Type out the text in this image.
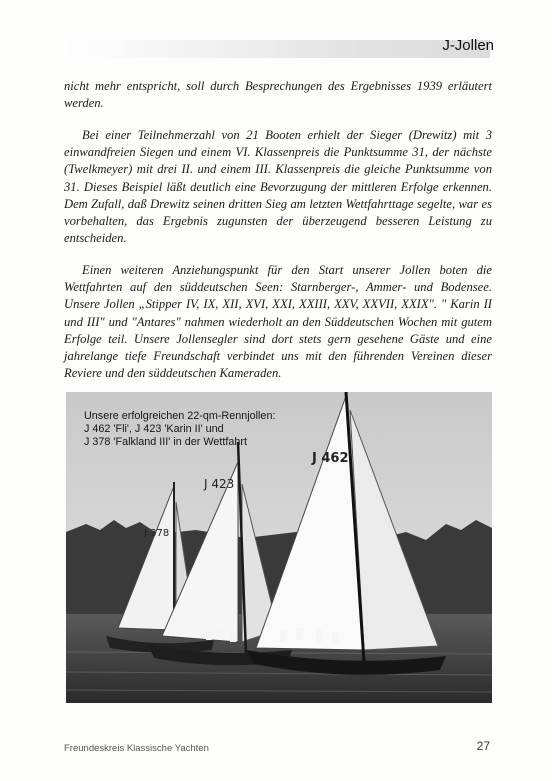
J-Jollen

nicht mehr entspricht, soll durch Besprechungen des Ergebnisses 1939 erläutert werden.

Bei einer Teilnehmerzahl von 21 Booten erhielt der Sieger (Drewitz) mit 3 einwandfreien Siegen und einem VI. Klassenpreis die Punktsumme 31, der nächste (Twelkmeyer) mit drei II. und einem III. Klassenpreis die gleiche Punktsumme von 31. Dieses Beispiel läßt deutlich eine Bevorzugung der mittleren Erfolge erkennen. Dem Zufall, daß Drewitz seinen dritten Sieg am letzten Wettfahrttage segelte, war es vorbehalten, das Ergebnis zugunsten der überzeugend besseren Leistung zu entscheiden.

Einen weiteren Anziehungspunkt für den Start unserer Jollen boten die Wettfahrten auf den süddeutschen Seen: Starnberger-, Ammer- und Bodensee. Unsere Jollen „Stipper IV, IX, XII, XVI, XXI, XXIII, XXV, XXVII, XXIX". " Karin II und III" und "Antares" nahmen wiederholt an den Süddeutschen Wochen mit gutem Erfolge teil. Unsere Jollensegler sind dort stets gern gesehene Gäste und eine jahrelange tiefe Freundschaft verbindet uns mit den führenden Vereinen dieser Reviere und den süddeutschen Kameraden.

J 378
J 423
J 462
Unsere erfolgreichen 22-qm-Rennjollen:
J 462 'Fli', J 423 'Karin II' und
J 378 'Falkland III' in der Wettfahrt
Freundeskreis Klassische Yachten	27
